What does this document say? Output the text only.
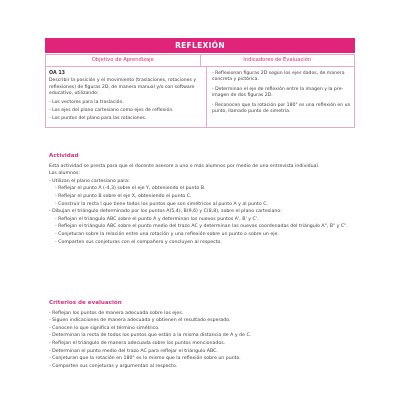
REFLEXIÓN
Objetivo de Aprendizaje	Indicadores de Evaluación
OA 13

Describir la posición y el movimiento (traslaciones, rotaciones y reflexiones) de figuras 2D, de manera manual y/o con software educativo, utilizando:

- Los vectores para la traslación.

- Los ejes del plano cartesiano como ejes de reflexión.

- Los puntos del plano para las rotaciones.

- Reflexionan figuras 2D según los ejes dados, de manera concreta y pictórica.

- Determinan el eje de reflexión entre la imagen y la pre-imagen de dos figuras 2D.

- Reconocen que la rotación por 180° es una reflexión en un punto, llamado punto de simetría.

Actividad

Esta actividad se presta para que el docente asesore a uno o más alumnos por medio de una entrevista individual.

Los alumnos:

- Utilizan el plano cartesiano para:

- Reflejar el punto A (-4,3) sobre el eje Y, obteniendo el punto B.

- Reflejar el punto B sobre el eje X, obteniendo el punto C.

- Construir la recta l que tiene todos los puntos que son simétricos al punto A y al punto C.

- Dibujan el triángulo determinado por los puntos A(5,4), B(9,6) y C(8,8), sobre el plano cartesiano:

- Reflejan el triángulo ABC sobre el punto A y determinan los nuevos puntos A', B' y C'.

- Reflejan el triángulo ABC sobre el punto medio del trazo AC y determinan las nuevas coordenadas del triángulo A", B" y C".

- Conjeturan sobre la relación entre una rotación y una reflexión sobre un punto o sobre un eje.

- Comparten sus conjeturas con el compañero y concluyen al respecto.

Criterios de evaluación

- Reflejan los puntos de manera adecuada sobre los ejes.

- Siguen indicaciones de manera adecuada y obtienen el resultado esperado.

- Conocen lo que significa el término simétrico.

- Determinan la recta de todos los puntos que están a la misma distancia de A y de C.

- Reflejan el triángulo de manera adecuada sobre los puntos mencionados.

- Determinan el punto medio del trazo AC para reflejar el triángulo ABC.

- Conjeturan que la rotación en 180° es lo mismo que la reflexión sobre un punto.

- Comparten sus conjeturas y argumentan al respecto.
